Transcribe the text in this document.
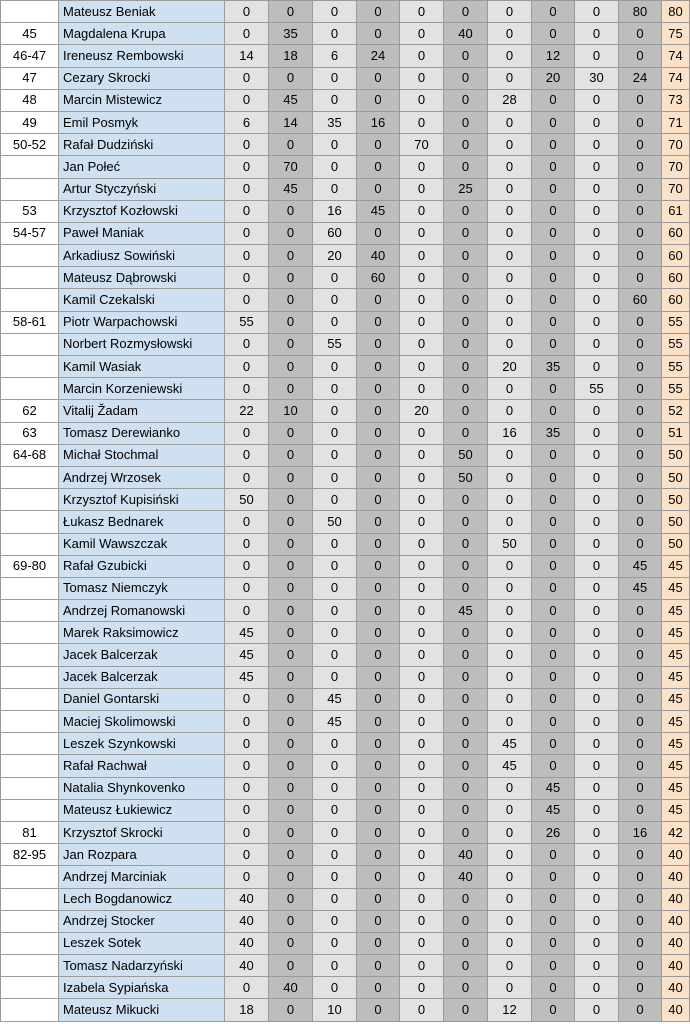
	Mateusz Beniak	0	0	0	0	0	0	0	0	0	80	80
45	Magdalena Krupa	0	35	0	0	0	40	0	0	0	0	75
46-47	Ireneusz Rembowski	14	18	6	24	0	0	0	12	0	0	74
47	Cezary Skrocki	0	0	0	0	0	0	0	20	30	24	74
48	Marcin Mistewicz	0	45	0	0	0	0	28	0	0	0	73
49	Emil Posmyk	6	14	35	16	0	0	0	0	0	0	71
50-52	Rafał Dudziński	0	0	0	0	70	0	0	0	0	0	70
	Jan Połeć	0	70	0	0	0	0	0	0	0	0	70
	Artur Styczyński	0	45	0	0	0	25	0	0	0	0	70
53	Krzysztof Kozłowski	0	0	16	45	0	0	0	0	0	0	61
54-57	Paweł Maniak	0	0	60	0	0	0	0	0	0	0	60
	Arkadiusz Sowiński	0	0	20	40	0	0	0	0	0	0	60
	Mateusz Dąbrowski	0	0	0	60	0	0	0	0	0	0	60
	Kamil Czekalski	0	0	0	0	0	0	0	0	0	60	60
58-61	Piotr Warpachowski	55	0	0	0	0	0	0	0	0	0	55
	Norbert Rozmysłowski	0	0	55	0	0	0	0	0	0	0	55
	Kamil Wasiak	0	0	0	0	0	0	20	35	0	0	55
	Marcin Korzeniewski	0	0	0	0	0	0	0	0	55	0	55
62	Vitalij Žadam	22	10	0	0	20	0	0	0	0	0	52
63	Tomasz Derewianko	0	0	0	0	0	0	16	35	0	0	51
64-68	Michał Stochmal	0	0	0	0	0	50	0	0	0	0	50
	Andrzej Wrzosek	0	0	0	0	0	50	0	0	0	0	50
	Krzysztof Kupisiński	50	0	0	0	0	0	0	0	0	0	50
	Łukasz Bednarek	0	0	50	0	0	0	0	0	0	0	50
	Kamil Wawszczak	0	0	0	0	0	0	50	0	0	0	50
69-80	Rafał Gzubicki	0	0	0	0	0	0	0	0	0	45	45
	Tomasz Niemczyk	0	0	0	0	0	0	0	0	0	45	45
	Andrzej Romanowski	0	0	0	0	0	45	0	0	0	0	45
	Marek Raksimowicz	45	0	0	0	0	0	0	0	0	0	45
	Jacek Balcerzak	45	0	0	0	0	0	0	0	0	0	45
	Jacek Balcerzak	45	0	0	0	0	0	0	0	0	0	45
	Daniel Gontarski	0	0	45	0	0	0	0	0	0	0	45
	Maciej Skolimowski	0	0	45	0	0	0	0	0	0	0	45
	Leszek Szynkowski	0	0	0	0	0	0	45	0	0	0	45
	Rafał Rachwał	0	0	0	0	0	0	45	0	0	0	45
	Natalia Shynkovenko	0	0	0	0	0	0	0	45	0	0	45
	Mateusz Łukiewicz	0	0	0	0	0	0	0	45	0	0	45
81	Krzysztof Skrocki	0	0	0	0	0	0	0	26	0	16	42
82-95	Jan Rozpara	0	0	0	0	0	40	0	0	0	0	40
	Andrzej Marciniak	0	0	0	0	0	40	0	0	0	0	40
	Lech Bogdanowicz	40	0	0	0	0	0	0	0	0	0	40
	Andrzej Stocker	40	0	0	0	0	0	0	0	0	0	40
	Leszek Sotek	40	0	0	0	0	0	0	0	0	0	40
	Tomasz Nadarzyński	40	0	0	0	0	0	0	0	0	0	40
	Izabela Sypiańska	0	40	0	0	0	0	0	0	0	0	40
	Mateusz Mikucki	18	0	10	0	0	0	12	0	0	0	40
